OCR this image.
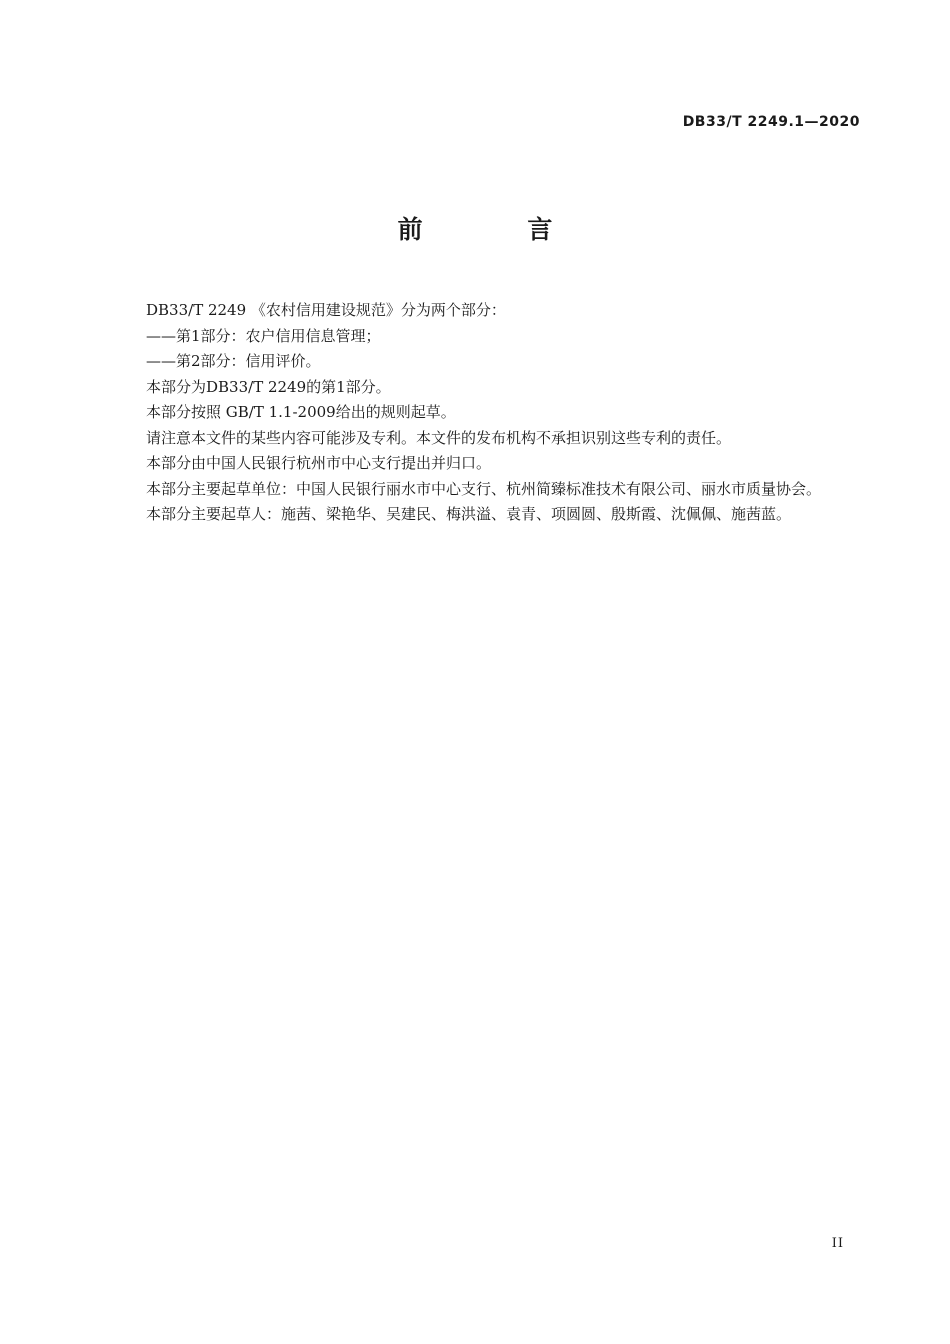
DB33/T 2249.1—2020
前 言

DB33/T 2249 《农村信用建设规范》分为两个部分：

——第1部分：农户信用信息管理；

——第2部分：信用评价。

本部分为DB33/T 2249的第1部分。

本部分按照 GB/T 1.1-2009给出的规则起草。

请注意本文件的某些内容可能涉及专利。本文件的发布机构不承担识别这些专利的责任。

本部分由中国人民银行杭州市中心支行提出并归口。

本部分主要起草单位：中国人民银行丽水市中心支行、杭州简臻标准技术有限公司、丽水市质量协会。

本部分主要起草人：施茜、梁艳华、吴建民、梅洪溢、袁青、项圆圆、殷斯霞、沈佩佩、施茜蓝。

II
